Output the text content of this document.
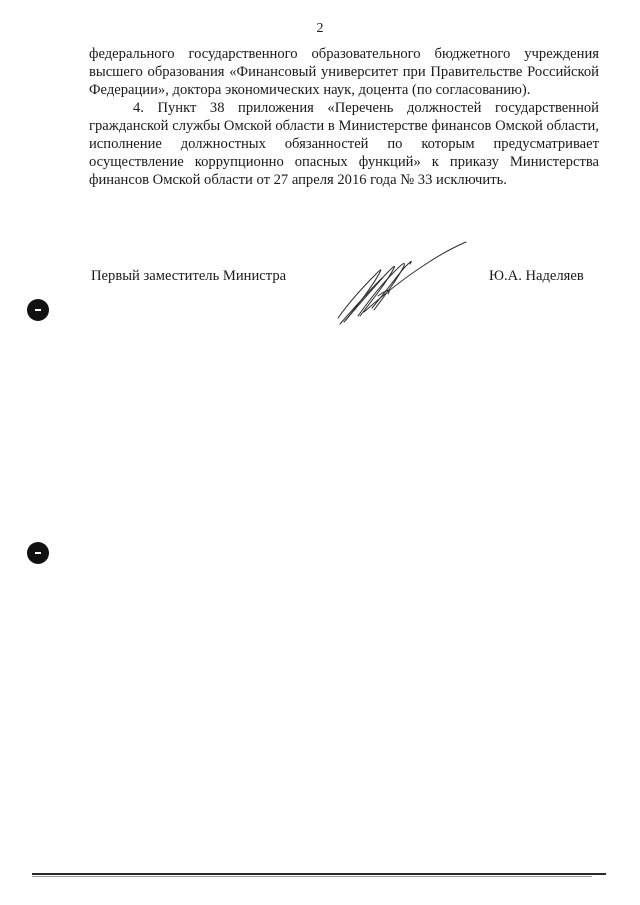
2

федерального государственного образовательного бюджетного учреждения высшего образования «Финансовый университет при Правительстве Российской Федерации», доктора экономических наук, доцента (по согласованию).

4. Пункт 38 приложения «Перечень должностей государственной гражданской службы Омской области в Министерстве финансов Омской области, исполнение должностных обязанностей по которым предусматривает осуществление коррупционно опасных функций» к приказу Министерства финансов Омской области от 27 апреля 2016 года № 33 исключить.

Первый заместитель Министра	Ю.А. Наделяев
